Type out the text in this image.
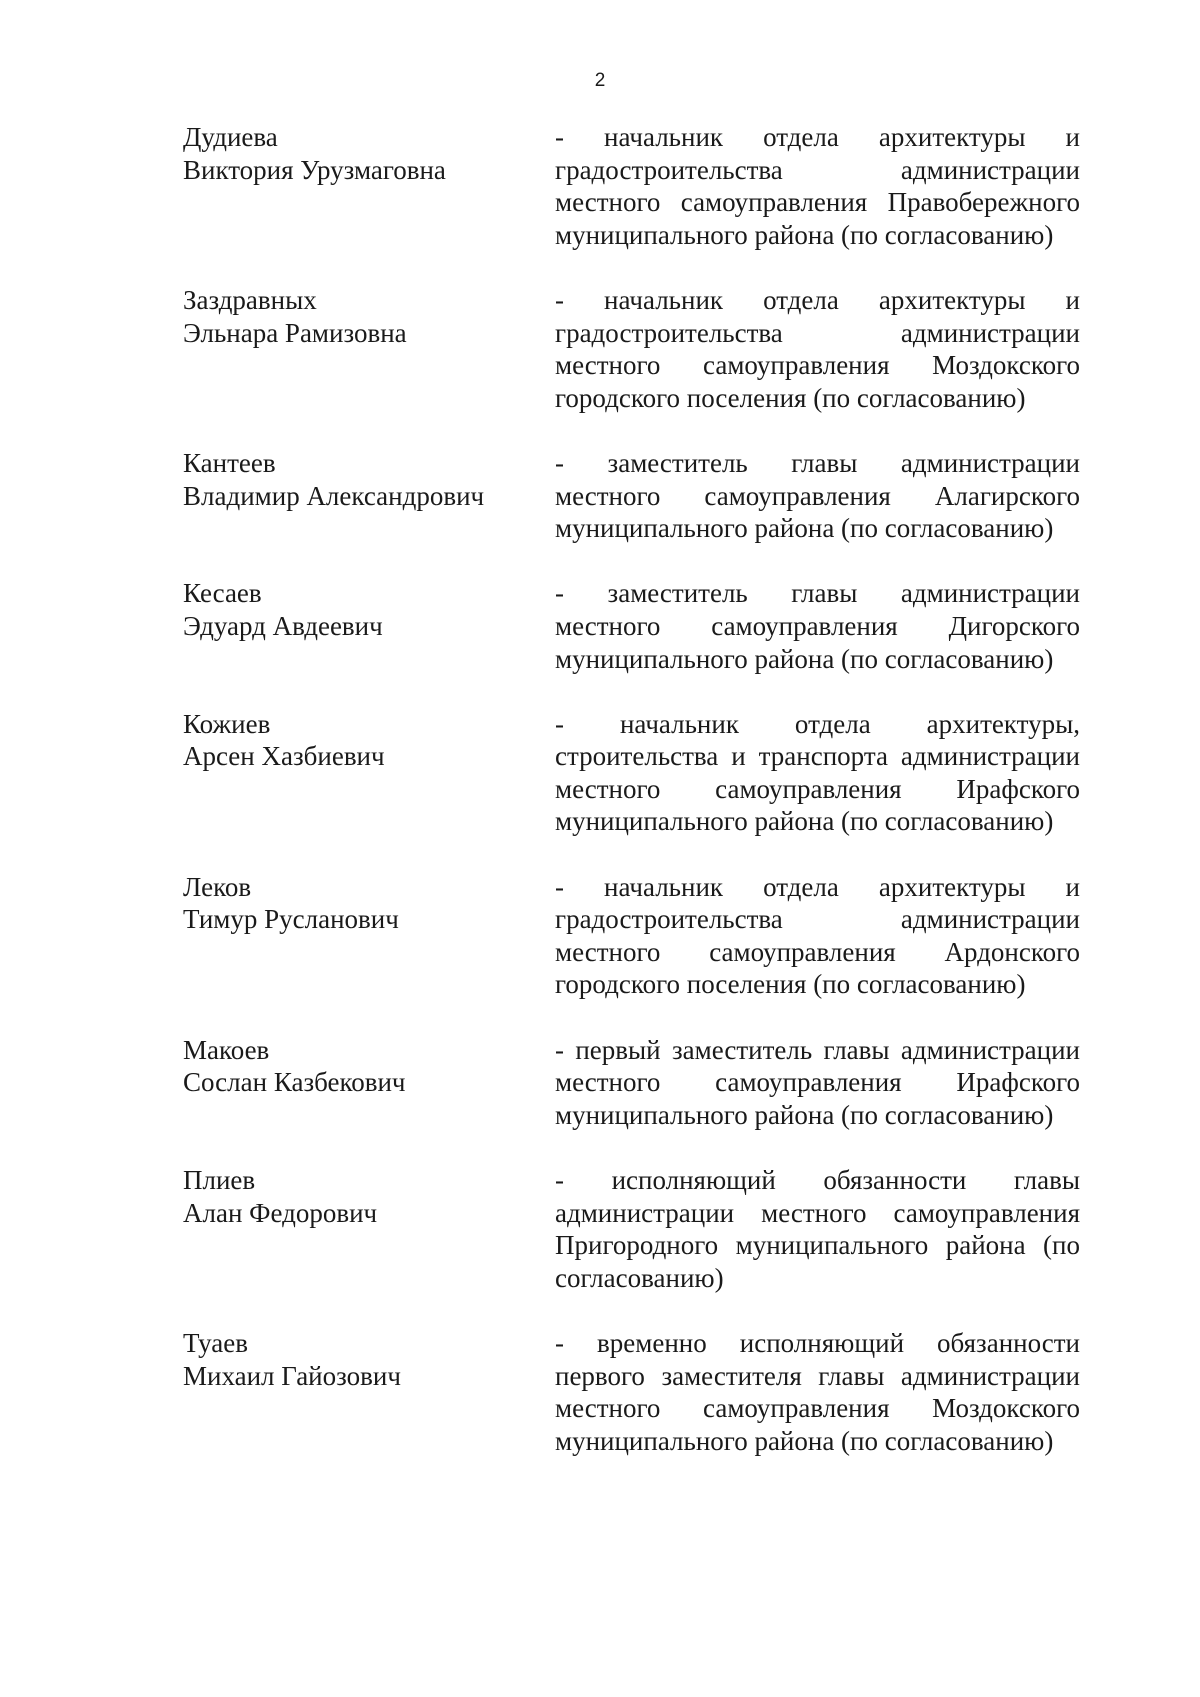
2
Дудиева
Виктория Урузмаговна
- начальник отдела архитектуры и градостроительства администрации местного самоуправления Правобережного муниципального района (по согласованию)
Заздравных
Эльнара Рамизовна
- начальник отдела архитектуры и градостроительства администрации местного самоуправления Моздокского городского поселения (по согласованию)
Кантеев
Владимир Александрович
- заместитель главы администрации местного самоуправления Алагирского муниципального района (по согласованию)
Кесаев
Эдуард Авдеевич
- заместитель главы администрации местного самоуправления Дигорского муниципального района (по согласованию)
Кожиев
Арсен Хазбиевич
- начальник отдела архитектуры, строительства и транспорта администрации местного самоуправления Ирафского муниципального района (по согласованию)
Леков
Тимур Русланович
- начальник отдела архитектуры и градостроительства администрации местного самоуправления Ардонского городского поселения (по согласованию)
Макоев
Сослан Казбекович
- первый заместитель главы администрации местного самоуправления Ирафского муниципального района (по согласованию)
Плиев
Алан Федорович
- исполняющий обязанности главы администрации местного самоуправления Пригородного муниципального района (по согласованию)
Туаев
Михаил Гайозович
- временно исполняющий обязанности первого заместителя главы администрации местного самоуправления Моздокского муниципального района (по согласованию)
